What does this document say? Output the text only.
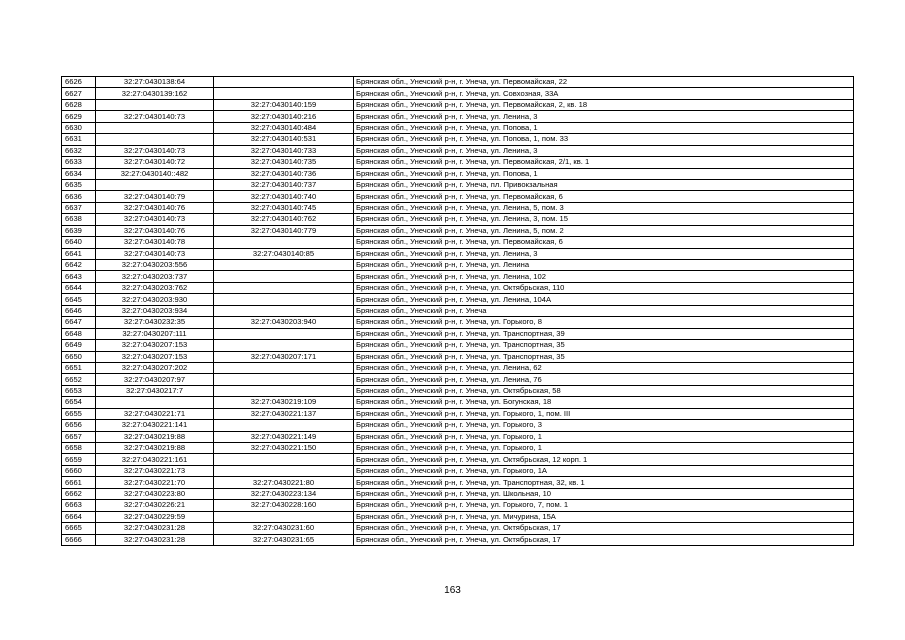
6626	32:27:0430138:64		Брянская обл., Унечский р-н, г. Унеча, ул. Первомайская, 22
6627	32:27:0430139:162		Брянская обл., Унечский р-н, г. Унеча, ул. Совхозная, 33А
6628		32:27:0430140:159	Брянская обл., Унечский р-н, г. Унеча, ул. Первомайская, 2, кв. 18
6629	32:27:0430140:73	32:27:0430140:216	Брянская обл., Унечский р-н, г. Унеча, ул. Ленина, 3
6630		32:27:0430140:484	Брянская обл., Унечский р-н, г. Унеча, ул. Попова, 1
6631		32:27:0430140:531	Брянская обл., Унечский р-н, г. Унеча, ул. Попова, 1, пом. 33
6632	32:27:0430140:73	32:27:0430140:733	Брянская обл., Унечский р-н, г. Унеча, ул. Ленина, 3
6633	32:27:0430140:72	32:27:0430140:735	Брянская обл., Унечский р-н, г. Унеча, ул. Первомайская, 2/1, кв. 1
6634	32:27:0430140::482	32:27:0430140:736	Брянская обл., Унечский р-н, г. Унеча, ул. Попова, 1
6635		32:27:0430140:737	Брянская обл., Унечский р-н, г. Унеча, пл. Привокзальная
6636	32:27:0430140:79	32:27:0430140:740	Брянская обл., Унечский р-н, г. Унеча, ул. Первомайская, 6
6637	32:27:0430140:76	32:27:0430140:745	Брянская обл., Унечский р-н, г. Унеча, ул. Ленина, 5, пом. 3
6638	32:27:0430140:73	32:27:0430140:762	Брянская обл., Унечский р-н, г. Унеча, ул. Ленина, 3, пом. 15
6639	32:27:0430140:76	32:27:0430140:779	Брянская обл., Унечский р-н, г. Унеча, ул. Ленина, 5, пом. 2
6640	32:27:0430140:78		Брянская обл., Унечский р-н, г. Унеча, ул. Первомайская, 6
6641	32:27:0430140:73	32:27:0430140:85	Брянская обл., Унечский р-н, г. Унеча, ул. Ленина, 3
6642	32:27:0430203:556		Брянская обл., Унечский р-н, г. Унеча, ул. Ленина
6643	32:27:0430203:737		Брянская обл., Унечский р-н, г. Унеча, ул. Ленина, 102
6644	32:27:0430203:762		Брянская обл., Унечский р-н, г. Унеча, ул. Октябрьская, 110
6645	32:27:0430203:930		Брянская обл., Унечский р-н, г. Унеча, ул. Ленина, 104А
6646	32:27:0430203:934		Брянская обл., Унечский р-н, г. Унеча
6647	32:27:0430232:35	32:27:0430203:940	Брянская обл., Унечский р-н, г. Унеча, ул. Горького, 8
6648	32:27:0430207:111		Брянская обл., Унечский р-н, г. Унеча, ул. Транспортная, 39
6649	32:27:0430207:153		Брянская обл., Унечский р-н, г. Унеча, ул. Транспортная, 35
6650	32:27:0430207:153	32:27:0430207:171	Брянская обл., Унечский р-н, г. Унеча, ул. Транспортная, 35
6651	32:27:0430207:202		Брянская обл., Унечский р-н, г. Унеча, ул. Ленина, 62
6652	32:27:0430207:97		Брянская обл., Унечский р-н, г. Унеча, ул. Ленина, 76
6653	32:27:0430217:7		Брянская обл., Унечский р-н, г. Унеча, ул. Октябрьская, 58
6654		32:27:0430219:109	Брянская обл., Унечский р-н, г. Унеча, ул. Богунская, 18
6655	32:27:0430221:71	32:27:0430221:137	Брянская обл., Унечский р-н, г. Унеча, ул. Горького, 1, пом. III
6656	32:27:0430221:141		Брянская обл., Унечский р-н, г. Унеча, ул. Горького, 3
6657	32:27:0430219:88	32:27:0430221:149	Брянская обл., Унечский р-н, г. Унеча, ул. Горького, 1
6658	32:27:0430219:88	32:27:0430221:150	Брянская обл., Унечский р-н, г. Унеча, ул. Горького, 1
6659	32:27:0430221:161		Брянская обл., Унечский р-н, г. Унеча, ул. Октябрьская, 12 корп. 1
6660	32:27:0430221:73		Брянская обл., Унечский р-н, г. Унеча, ул. Горького, 1А
6661	32:27:0430221:70	32:27:0430221:80	Брянская обл., Унечский р-н, г. Унеча, ул. Транспортная, 32, кв. 1
6662	32:27:0430223:80	32:27:0430223:134	Брянская обл., Унечский р-н, г. Унеча, ул. Школьная, 10
6663	32:27:0430226:21	32:27:0430228:160	Брянская обл., Унечский р-н, г. Унеча, ул. Горького, 7, пом. 1
6664	32:27:0430229:59		Брянская обл., Унечский р-н, г. Унеча, ул. Мичурина, 15А
6665	32:27:0430231:28	32:27:0430231:60	Брянская обл., Унечский р-н, г. Унеча, ул. Октябрьская, 17
6666	32:27:0430231:28	32:27:0430231:65	Брянская обл., Унечский р-н, г. Унеча, ул. Октябрьская, 17
163
